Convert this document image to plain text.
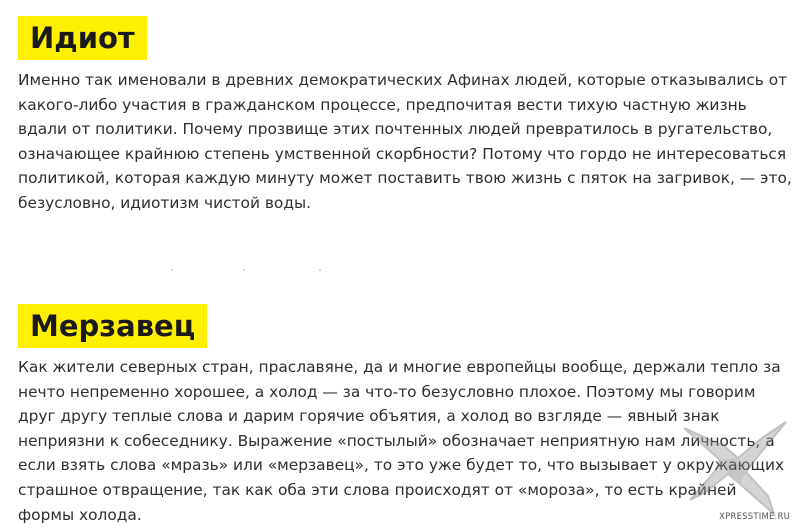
Идиот
Именно так именовали в древних демократических Афинах людей, которые отказывались от
какого-либо участия в гражданском процессе, предпочитая вести тихую частную жизнь
вдали от политики. Почему прозвище этих почтенных людей превратилось в ругательство,
означающее крайнюю степень умственной скорбности? Потому что гордо не интересоваться
политикой, которая каждую минуту может поставить твою жизнь с пяток на загривок, — это,
безусловно, идиотизм чистой воды.
Мерзавец
Как жители северных стран, праславяне, да и многие европейцы вообще, держали тепло за
нечто непременно хорошее, а холод — за что-то безусловно плохое. Поэтому мы говорим
друг другу теплые слова и дарим горячие объятия, а холод во взгляде — явный знак
неприязни к собеседнику. Выражение «постылый» обозначает неприятную нам личность, а
если взять слова «мразь» или «мерзавец», то это уже будет то, что вызывает у окружающих
страшное отвращение, так как оба эти слова происходят от «мороза», то есть крайней
формы холода.	XPRESSTIME.RU
